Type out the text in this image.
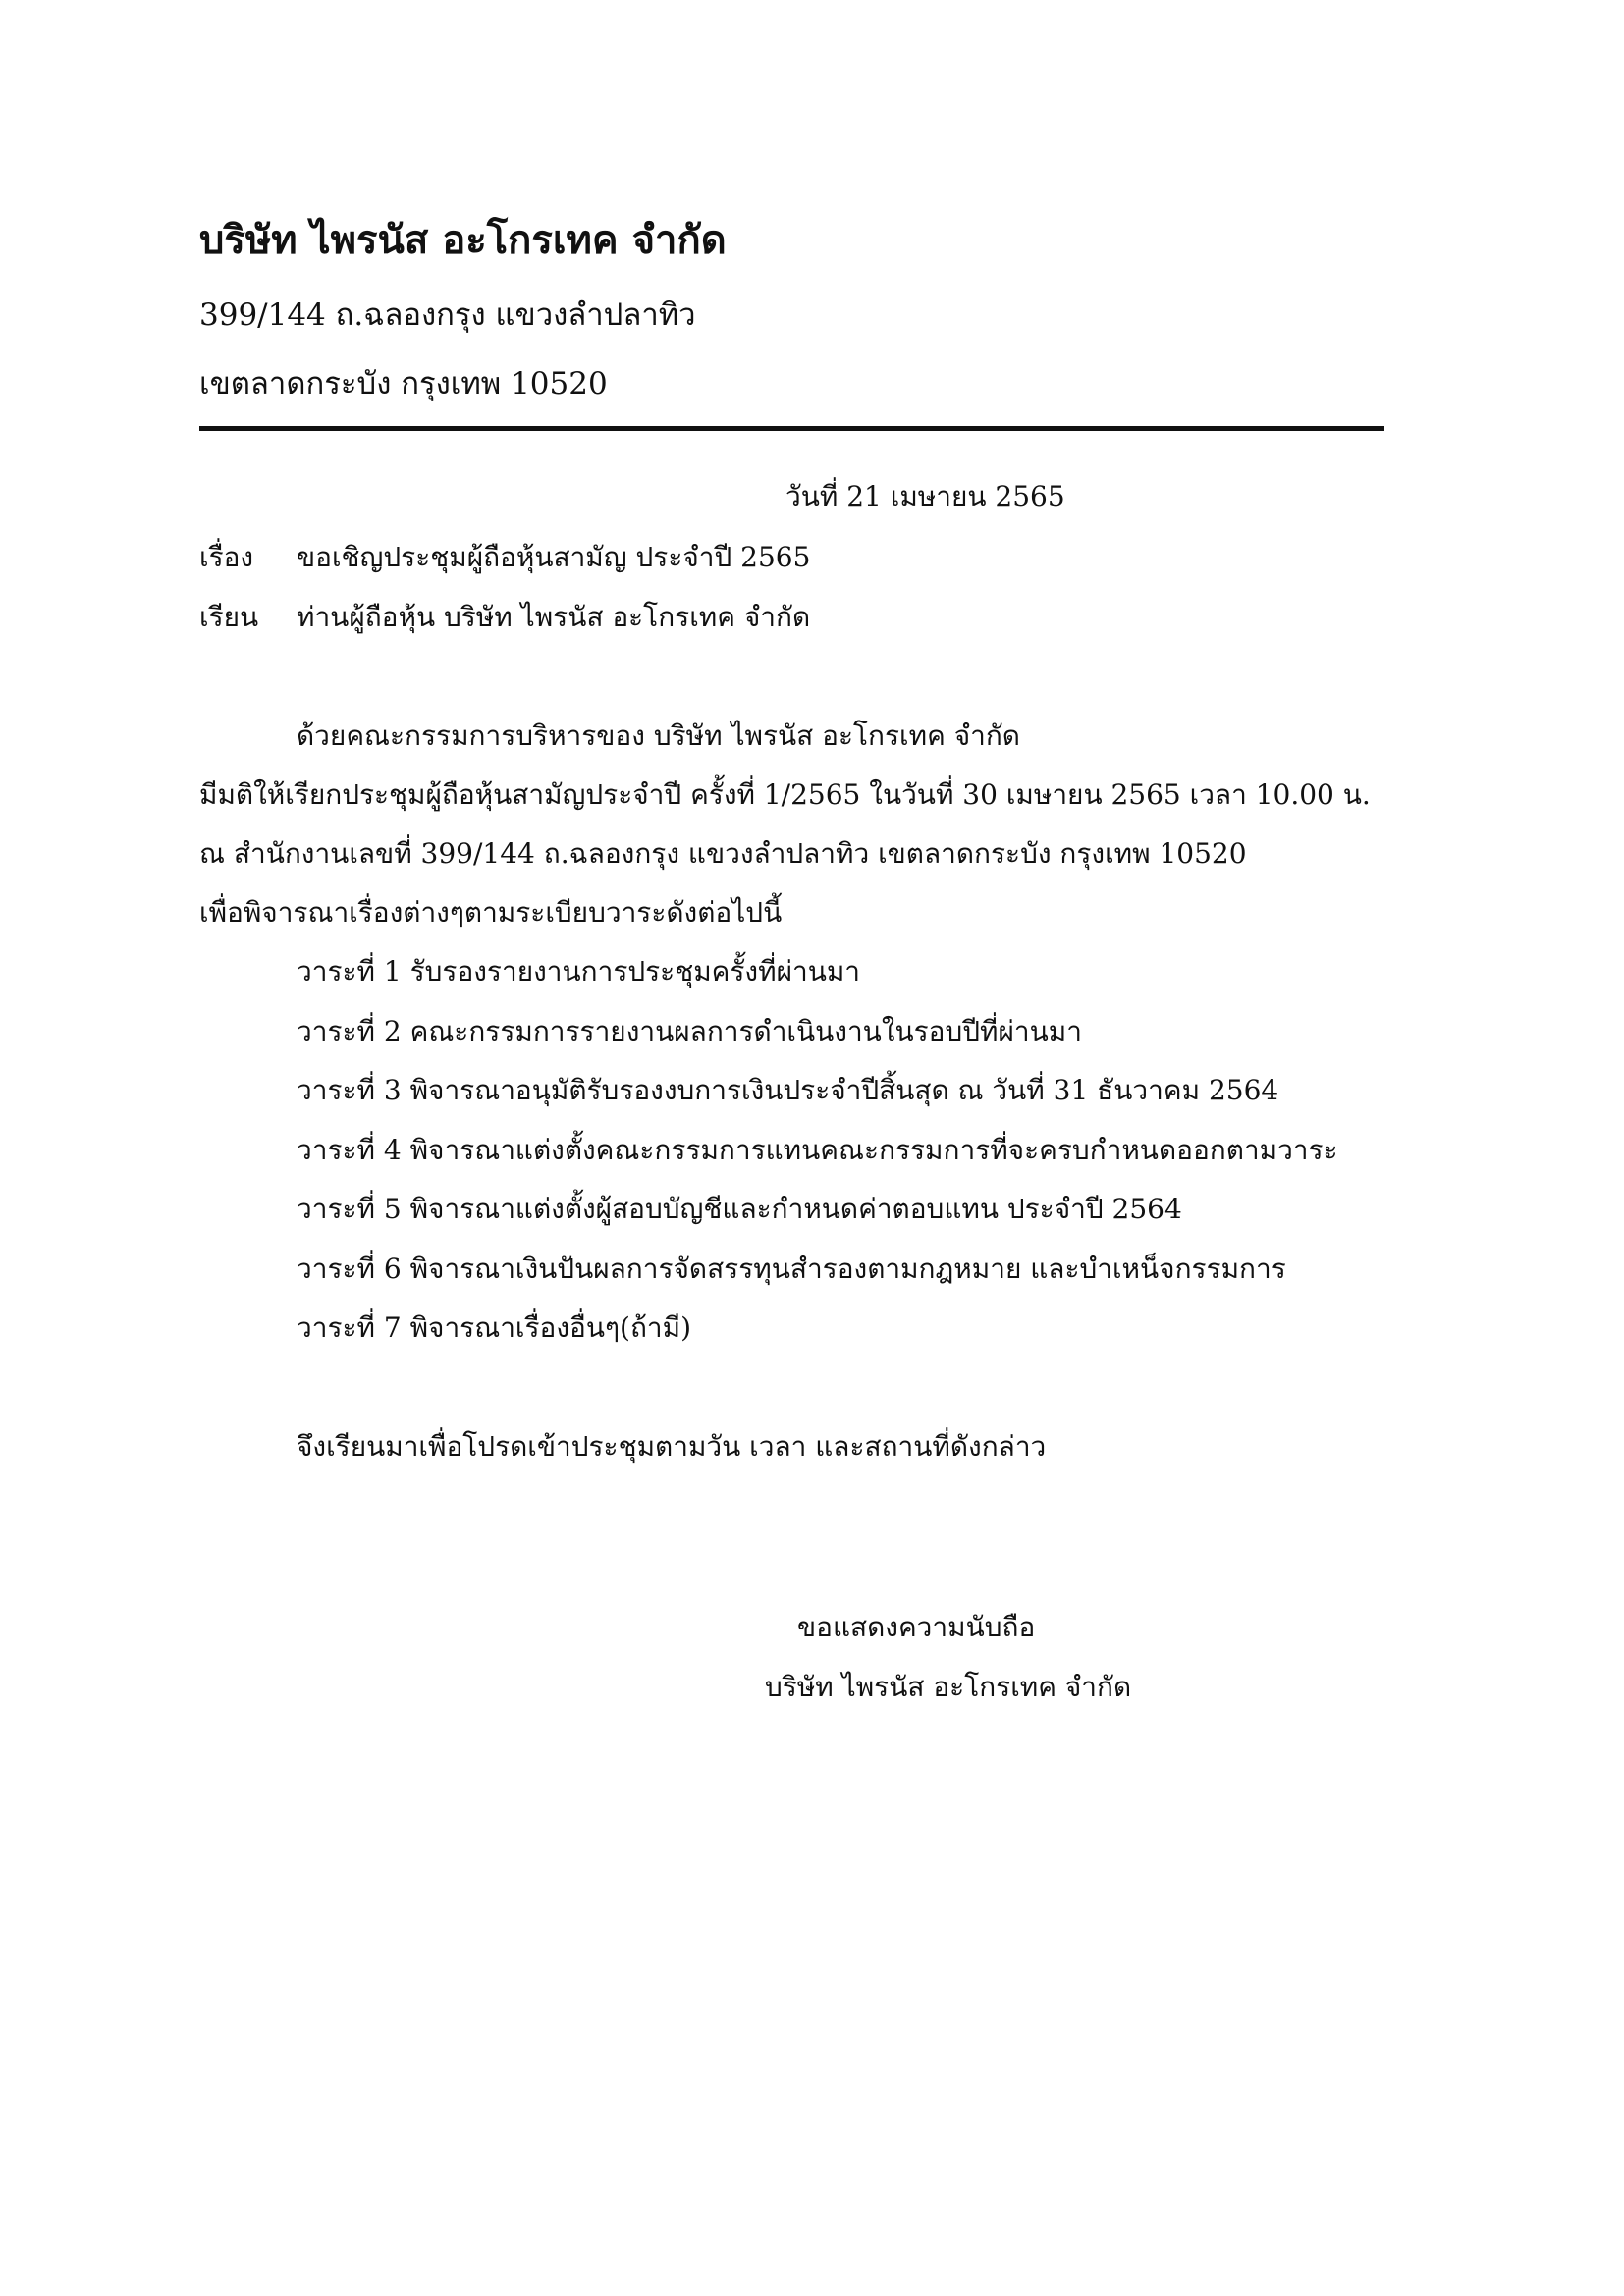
บริษัท ไพรนัส อะโกรเทค จำกัด
399/144 ถ.ฉลองกรุง แขวงลำปลาทิว
เขตลาดกระบัง กรุงเทพ 10520
วันที่ 21 เมษายน 2565
เรื่อง ขอเชิญประชุมผู้ถือหุ้นสามัญ ประจำปี 2565
เรียน ท่านผู้ถือหุ้น บริษัท ไพรนัส อะโกรเทค จำกัด
ด้วยคณะกรรมการบริหารของ บริษัท ไพรนัส อะโกรเทค จำกัด
มีมติให้เรียกประชุมผู้ถือหุ้นสามัญประจำปี ครั้งที่ 1/2565 ในวันที่ 30 เมษายน 2565 เวลา 10.00 น.
ณ สำนักงานเลขที่ 399/144 ถ.ฉลองกรุง แขวงลำปลาทิว เขตลาดกระบัง กรุงเทพ 10520
เพื่อพิจารณาเรื่องต่างๆตามระเบียบวาระดังต่อไปนี้
วาระที่ 1 รับรองรายงานการประชุมครั้งที่ผ่านมา
วาระที่ 2 คณะกรรมการรายงานผลการดำเนินงานในรอบปีที่ผ่านมา
วาระที่ 3 พิจารณาอนุมัติรับรองงบการเงินประจำปีสิ้นสุด ณ วันที่ 31 ธันวาคม 2564
วาระที่ 4 พิจารณาแต่งตั้งคณะกรรมการแทนคณะกรรมการที่จะครบกำหนดออกตามวาระ
วาระที่ 5 พิจารณาแต่งตั้งผู้สอบบัญชีและกำหนดค่าตอบแทน ประจำปี 2564
วาระที่ 6 พิจารณาเงินปันผลการจัดสรรทุนสำรองตามกฎหมาย และบำเหน็จกรรมการ
วาระที่ 7 พิจารณาเรื่องอื่นๆ(ถ้ามี)
จึงเรียนมาเพื่อโปรดเข้าประชุมตามวัน เวลา และสถานที่ดังกล่าว
ขอแสดงความนับถือ
บริษัท ไพรนัส อะโกรเทค จำกัด
